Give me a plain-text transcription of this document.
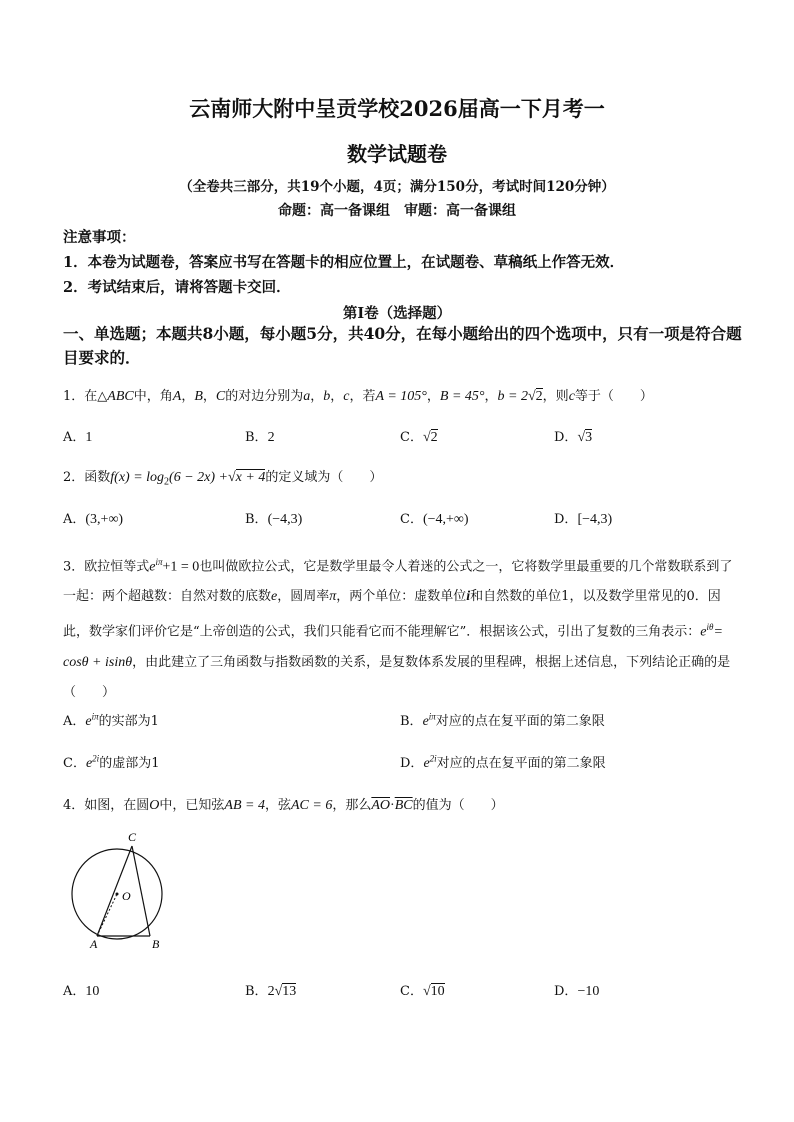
云南师大附中呈贡学校2026届高一下月考一
数学试题卷
（全卷共三部分，共19个小题，4页；满分150分，考试时间120分钟）
命题：高一备课组　审题：高一备课组
注意事项：
1．本卷为试题卷，答案应书写在答题卡的相应位置上，在试题卷、草稿纸上作答无效．
2．考试结束后，请将答题卡交回．
第Ⅰ卷（选择题）
一、单选题；本题共8小题，每小题5分，共40分，在每小题给出的四个选项中，只有一项是符合题目要求的．
1．在△ABC中，角A，B，C的对边分别为a，b，c，若A = 105°，B = 45°，b = 2√2，则c等于（　　）
A．1	B．2	C．√2	D．√3
2．函数$f(x) = \log_2(6 - 2x) +√x + 4$的定义域为（　　）
A．(3,+∞)	B．(−4,3)	C．(−4,+∞)	D．[−4,3)
3．欧拉恒等式$e^{i\pi}+1 = 0$也叫做欧拉公式，它是数学里最令人着迷的公式之一，它将数学里最重要的几个常数联系到了一起：两个超越数：自然对数的底数e，圆周率π，两个单位：虚数单位i和自然数的单位1，以及数学里常见的0．因此，数学家们评价它是“上帝创造的公式，我们只能看它而不能理解它”．根据该公式，引出了复数的三角表示：$e^{i\theta}= \cos\theta + isin\theta$，由此建立了三角函数与指数函数的关系，是复数体系发展的里程碑，根据上述信息，下列结论正确的是（　　）
A．$e^{i\pi}$的实部为1	B．$e^{i\pi}$对应的点在复平面的第二象限
C．$e^{2i}$的虚部为1	D．$e^{2i}$对应的点在复平面的第二象限
4．如图，在圆O中，已知弦AB = 4，弦AC = 6，那么$\overline{AO}\cdot\overline{BC}$的值为（　　）
C
O
A	B
A．10	B．2√13	C．√10	D．−10
